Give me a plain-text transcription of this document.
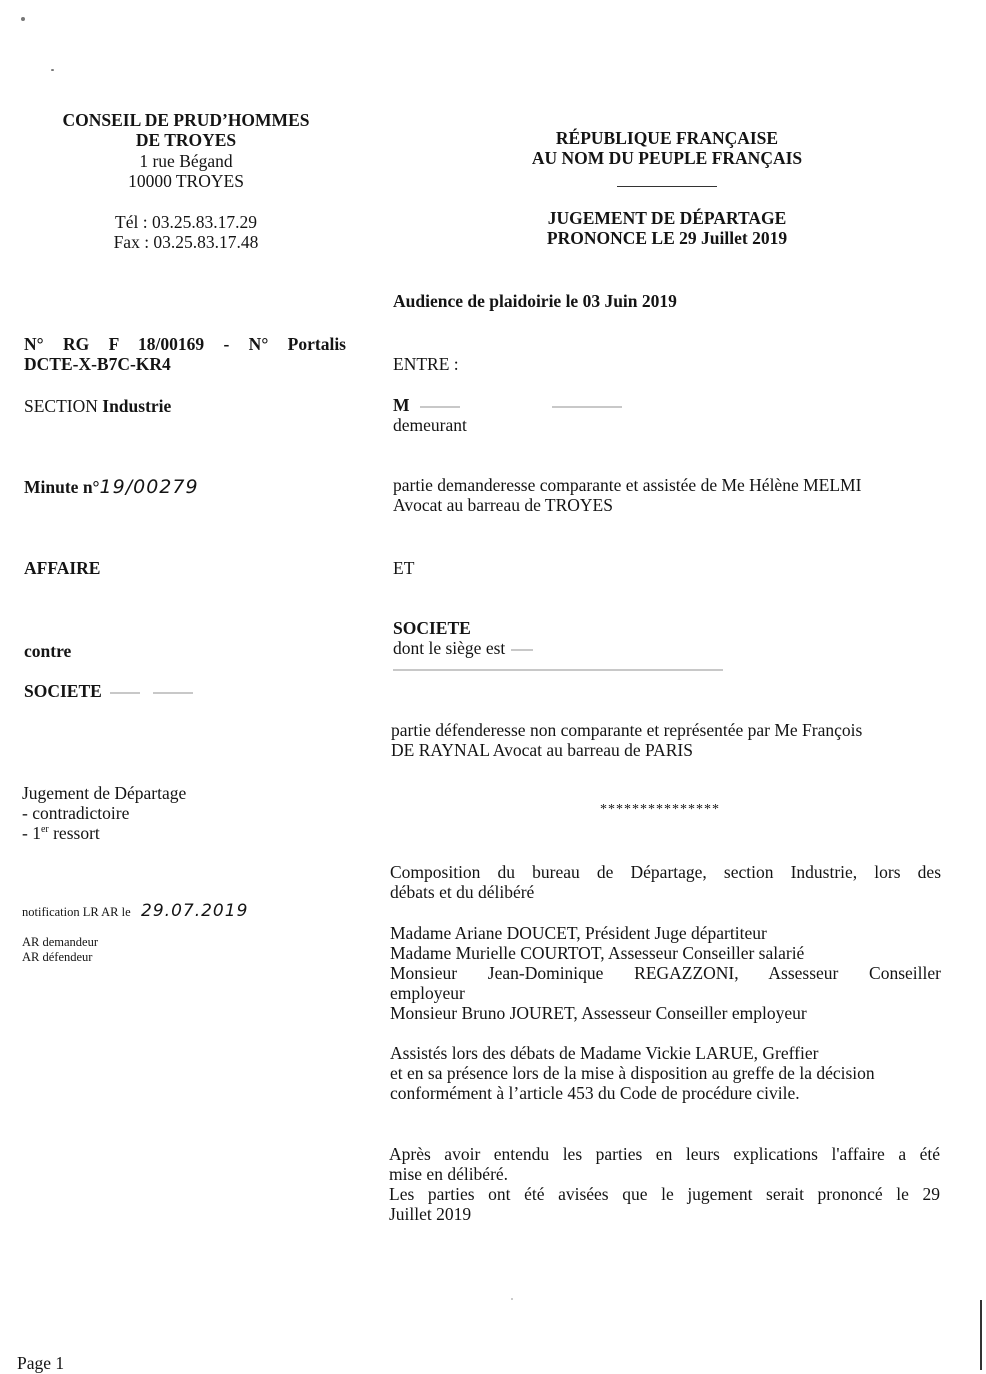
CONSEIL DE PRUD’HOMMES
DE TROYES
1 rue Bégand
10000 TROYES
Tél : 03.25.83.17.29
Fax : 03.25.83.17.48
RÉPUBLIQUE FRANÇAISE
AU NOM DU PEUPLE FRANÇAIS
JUGEMENT DE DÉPARTAGE
PRONONCE LE 29 Juillet 2019
Audience de plaidoirie le 03 Juin 2019
N° RG F 18/00169 - N° Portalis
DCTE-X-B7C-KR4
SECTION Industrie
Minute n°19/00279
AFFAIRE
contre
SOCIETE
Jugement de Départage
- contradictoire
- 1er ressort
notification LR AR le 29.07.2019
AR demandeur
AR défendeur
ENTRE :
M
demeurant
partie demanderesse comparante et assistée de Me Hélène MELMI
Avocat au barreau de TROYES
ET
SOCIETE
dont le siège est
partie défenderesse non comparante et représentée par Me François
DE RAYNAL Avocat au barreau de PARIS
***************
Composition du bureau de Départage, section Industrie, lors des
débats et du délibéré
Madame Ariane DOUCET, Président Juge départiteur
Madame Murielle COURTOT, Assesseur Conseiller salarié
Monsieur Jean-Dominique REGAZZONI, Assesseur Conseiller
employeur
Monsieur Bruno JOURET, Assesseur Conseiller employeur
Assistés lors des débats de Madame Vickie LARUE, Greffier
et en sa présence lors de la mise à disposition au greffe de la décision
conformément à l’article 453 du Code de procédure civile.
Après avoir entendu les parties en leurs explications l'affaire a été
mise en délibéré.
Les parties ont été avisées que le jugement serait prononcé le 29
Juillet 2019
Page 1
